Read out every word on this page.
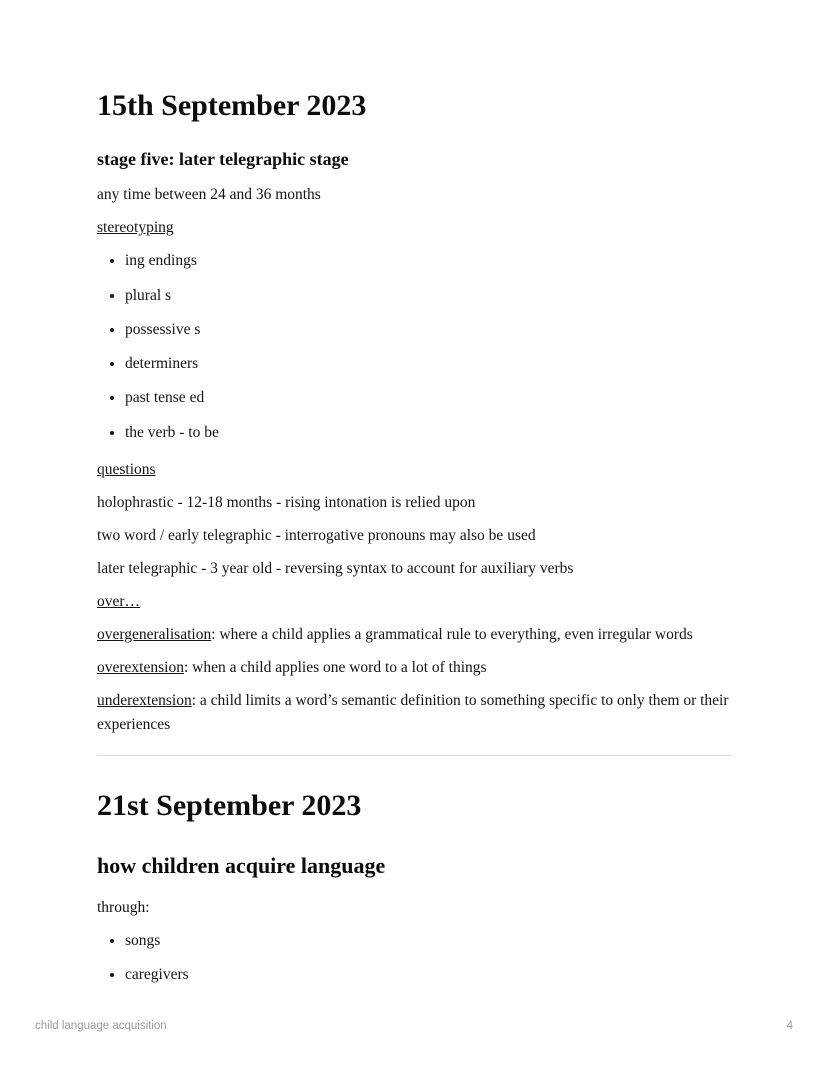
15th September 2023
stage five: later telegraphic stage

any time between 24 and 36 months

stereotyping

• ing endings
• plural s
• possessive s
• determiners
• past tense ed
• the verb - to be

questions

holophrastic - 12-18 months - rising intonation is relied upon

two word / early telegraphic - interrogative pronouns may also be used

later telegraphic - 3 year old - reversing syntax to account for auxiliary verbs

over…

overgeneralisation: where a child applies a grammatical rule to everything, even irregular words

overextension: when a child applies one word to a lot of things

underextension: a child limits a word’s semantic definition to something specific to only them or their experiences

21st September 2023
how children acquire language

through:

• songs
• caregivers
child language acquisition	4
